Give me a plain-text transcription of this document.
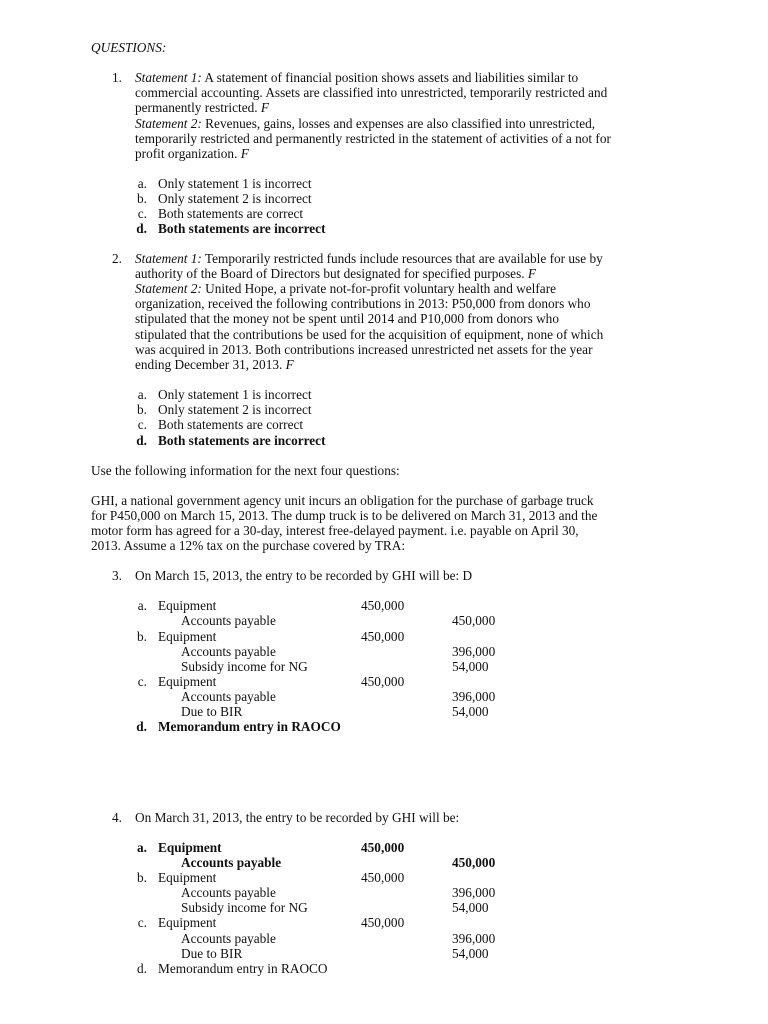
QUESTIONS:
1. Statement 1: A statement of financial position shows assets and liabilities similar to
commercial accounting. Assets are classified into unrestricted, temporarily restricted and
permanently restricted. F
Statement 2: Revenues, gains, losses and expenses are also classified into unrestricted,
temporarily restricted and permanently restricted in the statement of activities of a not for
profit organization. F
a. Only statement 1 is incorrect
b. Only statement 2 is incorrect
c. Both statements are correct
d. Both statements are incorrect
2. Statement 1: Temporarily restricted funds include resources that are available for use by
authority of the Board of Directors but designated for specified purposes. F
Statement 2: United Hope, a private not-for-profit voluntary health and welfare
organization, received the following contributions in 2013: P50,000 from donors who
stipulated that the money not be spent until 2014 and P10,000 from donors who
stipulated that the contributions be used for the acquisition of equipment, none of which
was acquired in 2013. Both contributions increased unrestricted net assets for the year
ending December 31, 2013. F
a. Only statement 1 is incorrect
b. Only statement 2 is incorrect
c. Both statements are correct
d. Both statements are incorrect
Use the following information for the next four questions:
GHI, a national government agency unit incurs an obligation for the purchase of garbage truck
for P450,000 on March 15, 2013. The dump truck is to be delivered on March 31, 2013 and the
motor form has agreed for a 30-day, interest free-delayed payment. i.e. payable on April 30,
2013. Assume a 12% tax on the purchase covered by TRA:
3. On March 15, 2013, the entry to be recorded by GHI will be: D
a. Equipment	450,000
Accounts payable	450,000
b. Equipment	450,000
Accounts payable	396,000
Subsidy income for NG	54,000
c. Equipment	450,000
Accounts payable	396,000
Due to BIR	54,000
d. Memorandum entry in RAOCO
4. On March 31, 2013, the entry to be recorded by GHI will be:
a. Equipment	450,000
Accounts payable	450,000
b. Equipment	450,000
Accounts payable	396,000
Subsidy income for NG	54,000
c. Equipment	450,000
Accounts payable	396,000
Due to BIR	54,000
d. Memorandum entry in RAOCO
